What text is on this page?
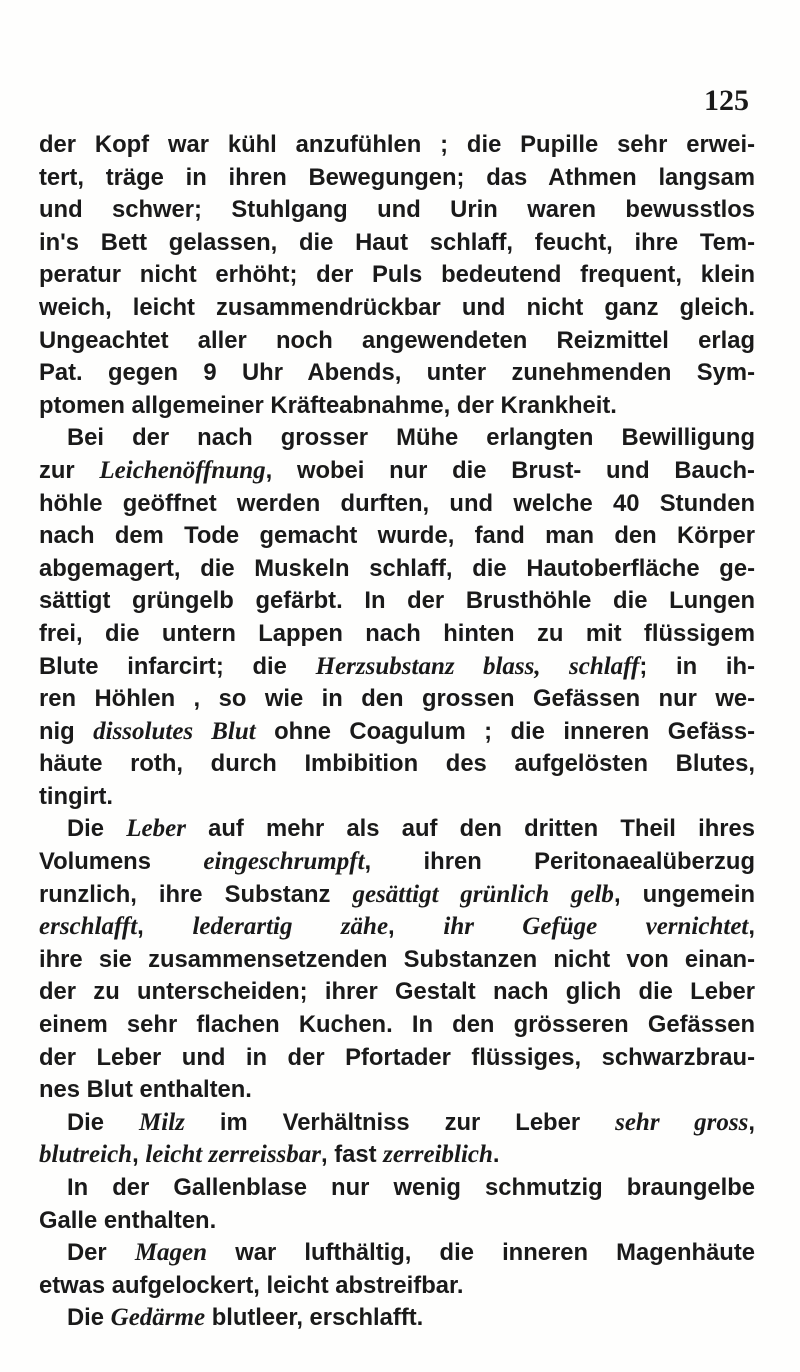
125
der Kopf war kühl anzufühlen ; die Pupille sehr erwei-
tert, träge in ihren Bewegungen; das Athmen langsam
und schwer; Stuhlgang und Urin waren bewusstlos
in's Bett gelassen, die Haut schlaff, feucht, ihre Tem-
peratur nicht erhöht; der Puls bedeutend frequent, klein
weich, leicht zusammendrückbar und nicht ganz gleich.
Ungeachtet aller noch angewendeten Reizmittel erlag
Pat. gegen 9 Uhr Abends, unter zunehmenden Sym-
ptomen allgemeiner Kräfteabnahme, der Krankheit.
Bei der nach grosser Mühe erlangten Bewilligung
zur Leichenöffnung, wobei nur die Brust- und Bauch-
höhle geöffnet werden durften, und welche 40 Stunden
nach dem Tode gemacht wurde, fand man den Körper
abgemagert, die Muskeln schlaff, die Hautoberfläche ge-
sättigt grüngelb gefärbt. In der Brusthöhle die Lungen
frei, die untern Lappen nach hinten zu mit flüssigem
Blute infarcirt; die Herzsubstanz blass, schlaff; in ih-
ren Höhlen , so wie in den grossen Gefässen nur we-
nig dissolutes Blut ohne Coagulum ; die inneren Gefäss-
häute roth, durch Imbibition des aufgelösten Blutes,
tingirt.
Die Leber auf mehr als auf den dritten Theil ihres
Volumens eingeschrumpft, ihren Peritonaealüberzug
runzlich, ihre Substanz gesättigt grünlich gelb, ungemein
erschlafft, lederartig zähe, ihr Gefüge vernichtet,
ihre sie zusammensetzenden Substanzen nicht von einan-
der zu unterscheiden; ihrer Gestalt nach glich die Leber
einem sehr flachen Kuchen. In den grösseren Gefässen
der Leber und in der Pfortader flüssiges, schwarzbrau-
nes Blut enthalten.
Die Milz im Verhältniss zur Leber sehr gross,
blutreich, leicht zerreissbar, fast zerreiblich.
In der Gallenblase nur wenig schmutzig braungelbe
Galle enthalten.
Der Magen war lufthältig, die inneren Magenhäute
etwas aufgelockert, leicht abstreifbar.
Die Gedärme blutleer, erschlafft.
